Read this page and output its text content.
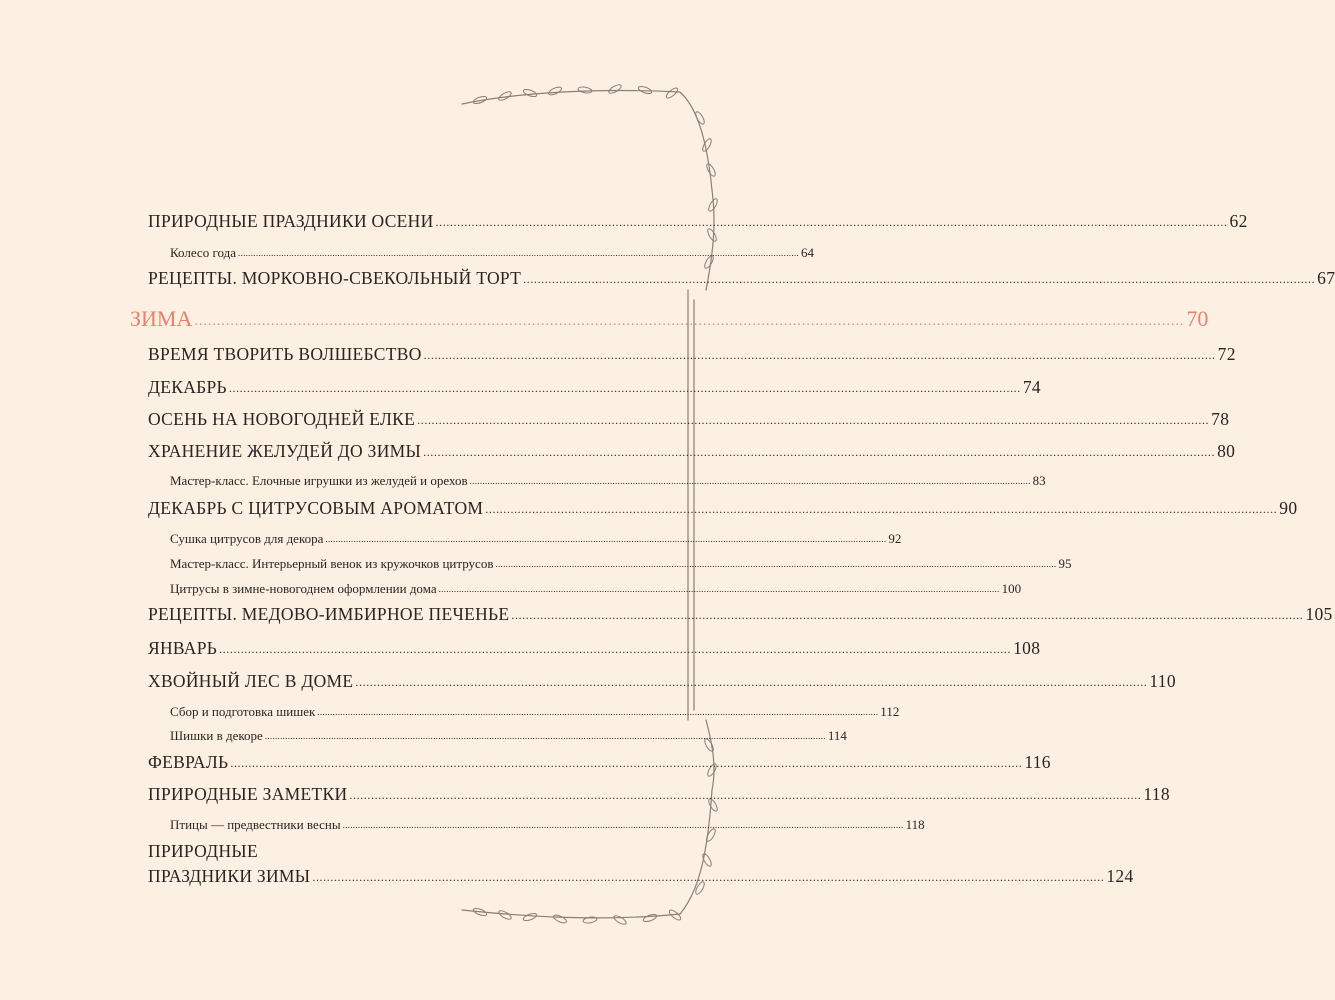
ПРИРОДНЫЕ ПРАЗДНИКИ ОСЕНИ ............................................................................................................................................................................................................................ 62
Колесо года ............................................................................................................................................................................................................................ 64
РЕЦЕПТЫ. МОРКОВНО-СВЕКОЛЬНЫЙ ТОРТ ............................................................................................................................................................................................................................ 67
ЗИМА ............................................................................................................................................................................................................................ 70
ВРЕМЯ ТВОРИТЬ ВОЛШЕБСТВО ............................................................................................................................................................................................................................ 72
ДЕКАБРЬ ............................................................................................................................................................................................................................ 74
ОСЕНЬ НА НОВОГОДНЕЙ ЕЛКЕ ............................................................................................................................................................................................................................ 78
ХРАНЕНИЕ ЖЕЛУДЕЙ ДО ЗИМЫ ............................................................................................................................................................................................................................ 80
Мастер-класс. Елочные игрушки из желудей и орехов ............................................................................................................................................................................................................................ 83
ДЕКАБРЬ С ЦИТРУСОВЫМ АРОМАТОМ ............................................................................................................................................................................................................................ 90
Сушка цитрусов для декора ............................................................................................................................................................................................................................ 92
Мастер-класс. Интерьерный венок из кружочков цитрусов ............................................................................................................................................................................................................................ 95
Цитрусы в зимне-новогоднем оформлении дома ............................................................................................................................................................................................................................ 100
РЕЦЕПТЫ. МЕДОВО-ИМБИРНОЕ ПЕЧЕНЬЕ ............................................................................................................................................................................................................................ 105
ЯНВАРЬ ............................................................................................................................................................................................................................ 108
ХВОЙНЫЙ ЛЕС В ДОМЕ ............................................................................................................................................................................................................................ 110
Сбор и подготовка шишек ............................................................................................................................................................................................................................ 112
Шишки в декоре ............................................................................................................................................................................................................................ 114
ФЕВРАЛЬ ............................................................................................................................................................................................................................ 116
ПРИРОДНЫЕ ЗАМЕТКИ ............................................................................................................................................................................................................................ 118
Птицы — предвестники весны ............................................................................................................................................................................................................................ 118
ПРИРОДНЫЕ
ПРАЗДНИКИ ЗИМЫ ............................................................................................................................................................................................................................ 124
